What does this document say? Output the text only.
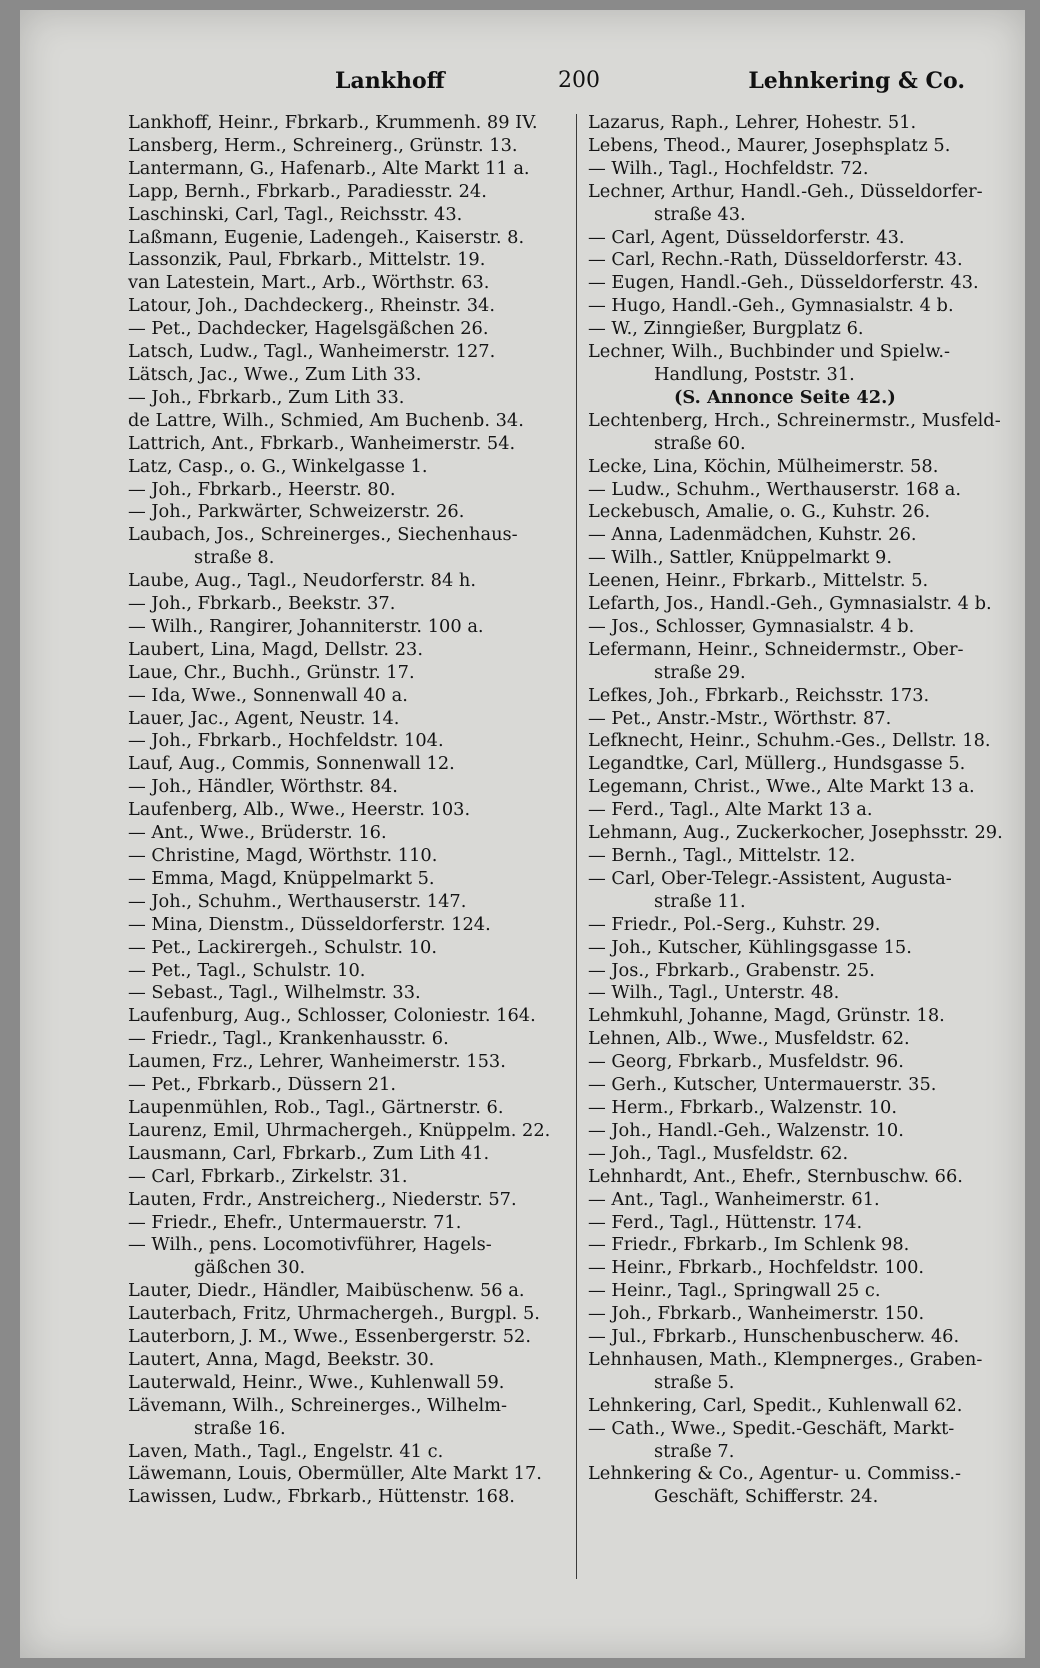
Lankhoff	200	Lehnkering & Co.
Lankhoff, Heinr., Fbrkarb., Krummenh. 89 IV.
Lansberg, Herm., Schreinerg., Grünstr. 13.
Lantermann, G., Hafenarb., Alte Markt 11 a.
Lapp, Bernh., Fbrkarb., Paradiesstr. 24.
Laschinski, Carl, Tagl., Reichsstr. 43.
Laßmann, Eugenie, Ladengeh., Kaiserstr. 8.
Lassonzik, Paul, Fbrkarb., Mittelstr. 19.
van Latestein, Mart., Arb., Wörthstr. 63.
Latour, Joh., Dachdeckerg., Rheinstr. 34.
— Pet., Dachdecker, Hagelsgäßchen 26.
Latsch, Ludw., Tagl., Wanheimerstr. 127.
Lätsch, Jac., Wwe., Zum Lith 33.
— Joh., Fbrkarb., Zum Lith 33.
de Lattre, Wilh., Schmied, Am Buchenb. 34.
Lattrich, Ant., Fbrkarb., Wanheimerstr. 54.
Latz, Casp., o. G., Winkelgasse 1.
— Joh., Fbrkarb., Heerstr. 80.
— Joh., Parkwärter, Schweizerstr. 26.
Laubach, Jos., Schreinerges., Siechenhaus-
straße 8.
Laube, Aug., Tagl., Neudorferstr. 84 h.
— Joh., Fbrkarb., Beekstr. 37.
— Wilh., Rangirer, Johanniterstr. 100 a.
Laubert, Lina, Magd, Dellstr. 23.
Laue, Chr., Buchh., Grünstr. 17.
— Ida, Wwe., Sonnenwall 40 a.
Lauer, Jac., Agent, Neustr. 14.
— Joh., Fbrkarb., Hochfeldstr. 104.
Lauf, Aug., Commis, Sonnenwall 12.
— Joh., Händler, Wörthstr. 84.
Laufenberg, Alb., Wwe., Heerstr. 103.
— Ant., Wwe., Brüderstr. 16.
— Christine, Magd, Wörthstr. 110.
— Emma, Magd, Knüppelmarkt 5.
— Joh., Schuhm., Werthauserstr. 147.
— Mina, Dienstm., Düsseldorferstr. 124.
— Pet., Lackirergeh., Schulstr. 10.
— Pet., Tagl., Schulstr. 10.
— Sebast., Tagl., Wilhelmstr. 33.
Laufenburg, Aug., Schlosser, Coloniestr. 164.
— Friedr., Tagl., Krankenhausstr. 6.
Laumen, Frz., Lehrer, Wanheimerstr. 153.
— Pet., Fbrkarb., Düssern 21.
Laupenmühlen, Rob., Tagl., Gärtnerstr. 6.
Laurenz, Emil, Uhrmachergeh., Knüppelm. 22.
Lausmann, Carl, Fbrkarb., Zum Lith 41.
— Carl, Fbrkarb., Zirkelstr. 31.
Lauten, Frdr., Anstreicherg., Niederstr. 57.
— Friedr., Ehefr., Untermauerstr. 71.
— Wilh., pens. Locomotivführer, Hagels-
gäßchen 30.
Lauter, Diedr., Händler, Maibüschenw. 56 a.
Lauterbach, Fritz, Uhrmachergeh., Burgpl. 5.
Lauterborn, J. M., Wwe., Essenbergerstr. 52.
Lautert, Anna, Magd, Beekstr. 30.
Lauterwald, Heinr., Wwe., Kuhlenwall 59.
Lävemann, Wilh., Schreinerges., Wilhelm-
straße 16.
Laven, Math., Tagl., Engelstr. 41 c.
Läwemann, Louis, Obermüller, Alte Markt 17.
Lawissen, Ludw., Fbrkarb., Hüttenstr. 168.
Lazarus, Raph., Lehrer, Hohestr. 51.
Lebens, Theod., Maurer, Josephsplatz 5.
— Wilh., Tagl., Hochfeldstr. 72.
Lechner, Arthur, Handl.-Geh., Düsseldorfer-
straße 43.
— Carl, Agent, Düsseldorferstr. 43.
— Carl, Rechn.-Rath, Düsseldorferstr. 43.
— Eugen, Handl.-Geh., Düsseldorferstr. 43.
— Hugo, Handl.-Geh., Gymnasialstr. 4 b.
— W., Zinngießer, Burgplatz 6.
Lechner, Wilh., Buchbinder und Spielw.-
Handlung, Poststr. 31.
(S. Annonce Seite 42.)
Lechtenberg, Hrch., Schreinermstr., Musfeld-
straße 60.
Lecke, Lina, Köchin, Mülheimerstr. 58.
— Ludw., Schuhm., Werthauserstr. 168 a.
Leckebusch, Amalie, o. G., Kuhstr. 26.
— Anna, Ladenmädchen, Kuhstr. 26.
— Wilh., Sattler, Knüppelmarkt 9.
Leenen, Heinr., Fbrkarb., Mittelstr. 5.
Lefarth, Jos., Handl.-Geh., Gymnasialstr. 4 b.
— Jos., Schlosser, Gymnasialstr. 4 b.
Lefermann, Heinr., Schneidermstr., Ober-
straße 29.
Lefkes, Joh., Fbrkarb., Reichsstr. 173.
— Pet., Anstr.-Mstr., Wörthstr. 87.
Lefknecht, Heinr., Schuhm.-Ges., Dellstr. 18.
Legandtke, Carl, Müllerg., Hundsgasse 5.
Legemann, Christ., Wwe., Alte Markt 13 a.
— Ferd., Tagl., Alte Markt 13 a.
Lehmann, Aug., Zuckerkocher, Josephsstr. 29.
— Bernh., Tagl., Mittelstr. 12.
— Carl, Ober-Telegr.-Assistent, Augusta-
straße 11.
— Friedr., Pol.-Serg., Kuhstr. 29.
— Joh., Kutscher, Kühlingsgasse 15.
— Jos., Fbrkarb., Grabenstr. 25.
— Wilh., Tagl., Unterstr. 48.
Lehmkuhl, Johanne, Magd, Grünstr. 18.
Lehnen, Alb., Wwe., Musfeldstr. 62.
— Georg, Fbrkarb., Musfeldstr. 96.
— Gerh., Kutscher, Untermauerstr. 35.
— Herm., Fbrkarb., Walzenstr. 10.
— Joh., Handl.-Geh., Walzenstr. 10.
— Joh., Tagl., Musfeldstr. 62.
Lehnhardt, Ant., Ehefr., Sternbuschw. 66.
— Ant., Tagl., Wanheimerstr. 61.
— Ferd., Tagl., Hüttenstr. 174.
— Friedr., Fbrkarb., Im Schlenk 98.
— Heinr., Fbrkarb., Hochfeldstr. 100.
— Heinr., Tagl., Springwall 25 c.
— Joh., Fbrkarb., Wanheimerstr. 150.
— Jul., Fbrkarb., Hunschenbuscherw. 46.
Lehnhausen, Math., Klempnerges., Graben-
straße 5.
Lehnkering, Carl, Spedit., Kuhlenwall 62.
— Cath., Wwe., Spedit.-Geschäft, Markt-
straße 7.
Lehnkering & Co., Agentur- u. Commiss.-
Geschäft, Schifferstr. 24.
